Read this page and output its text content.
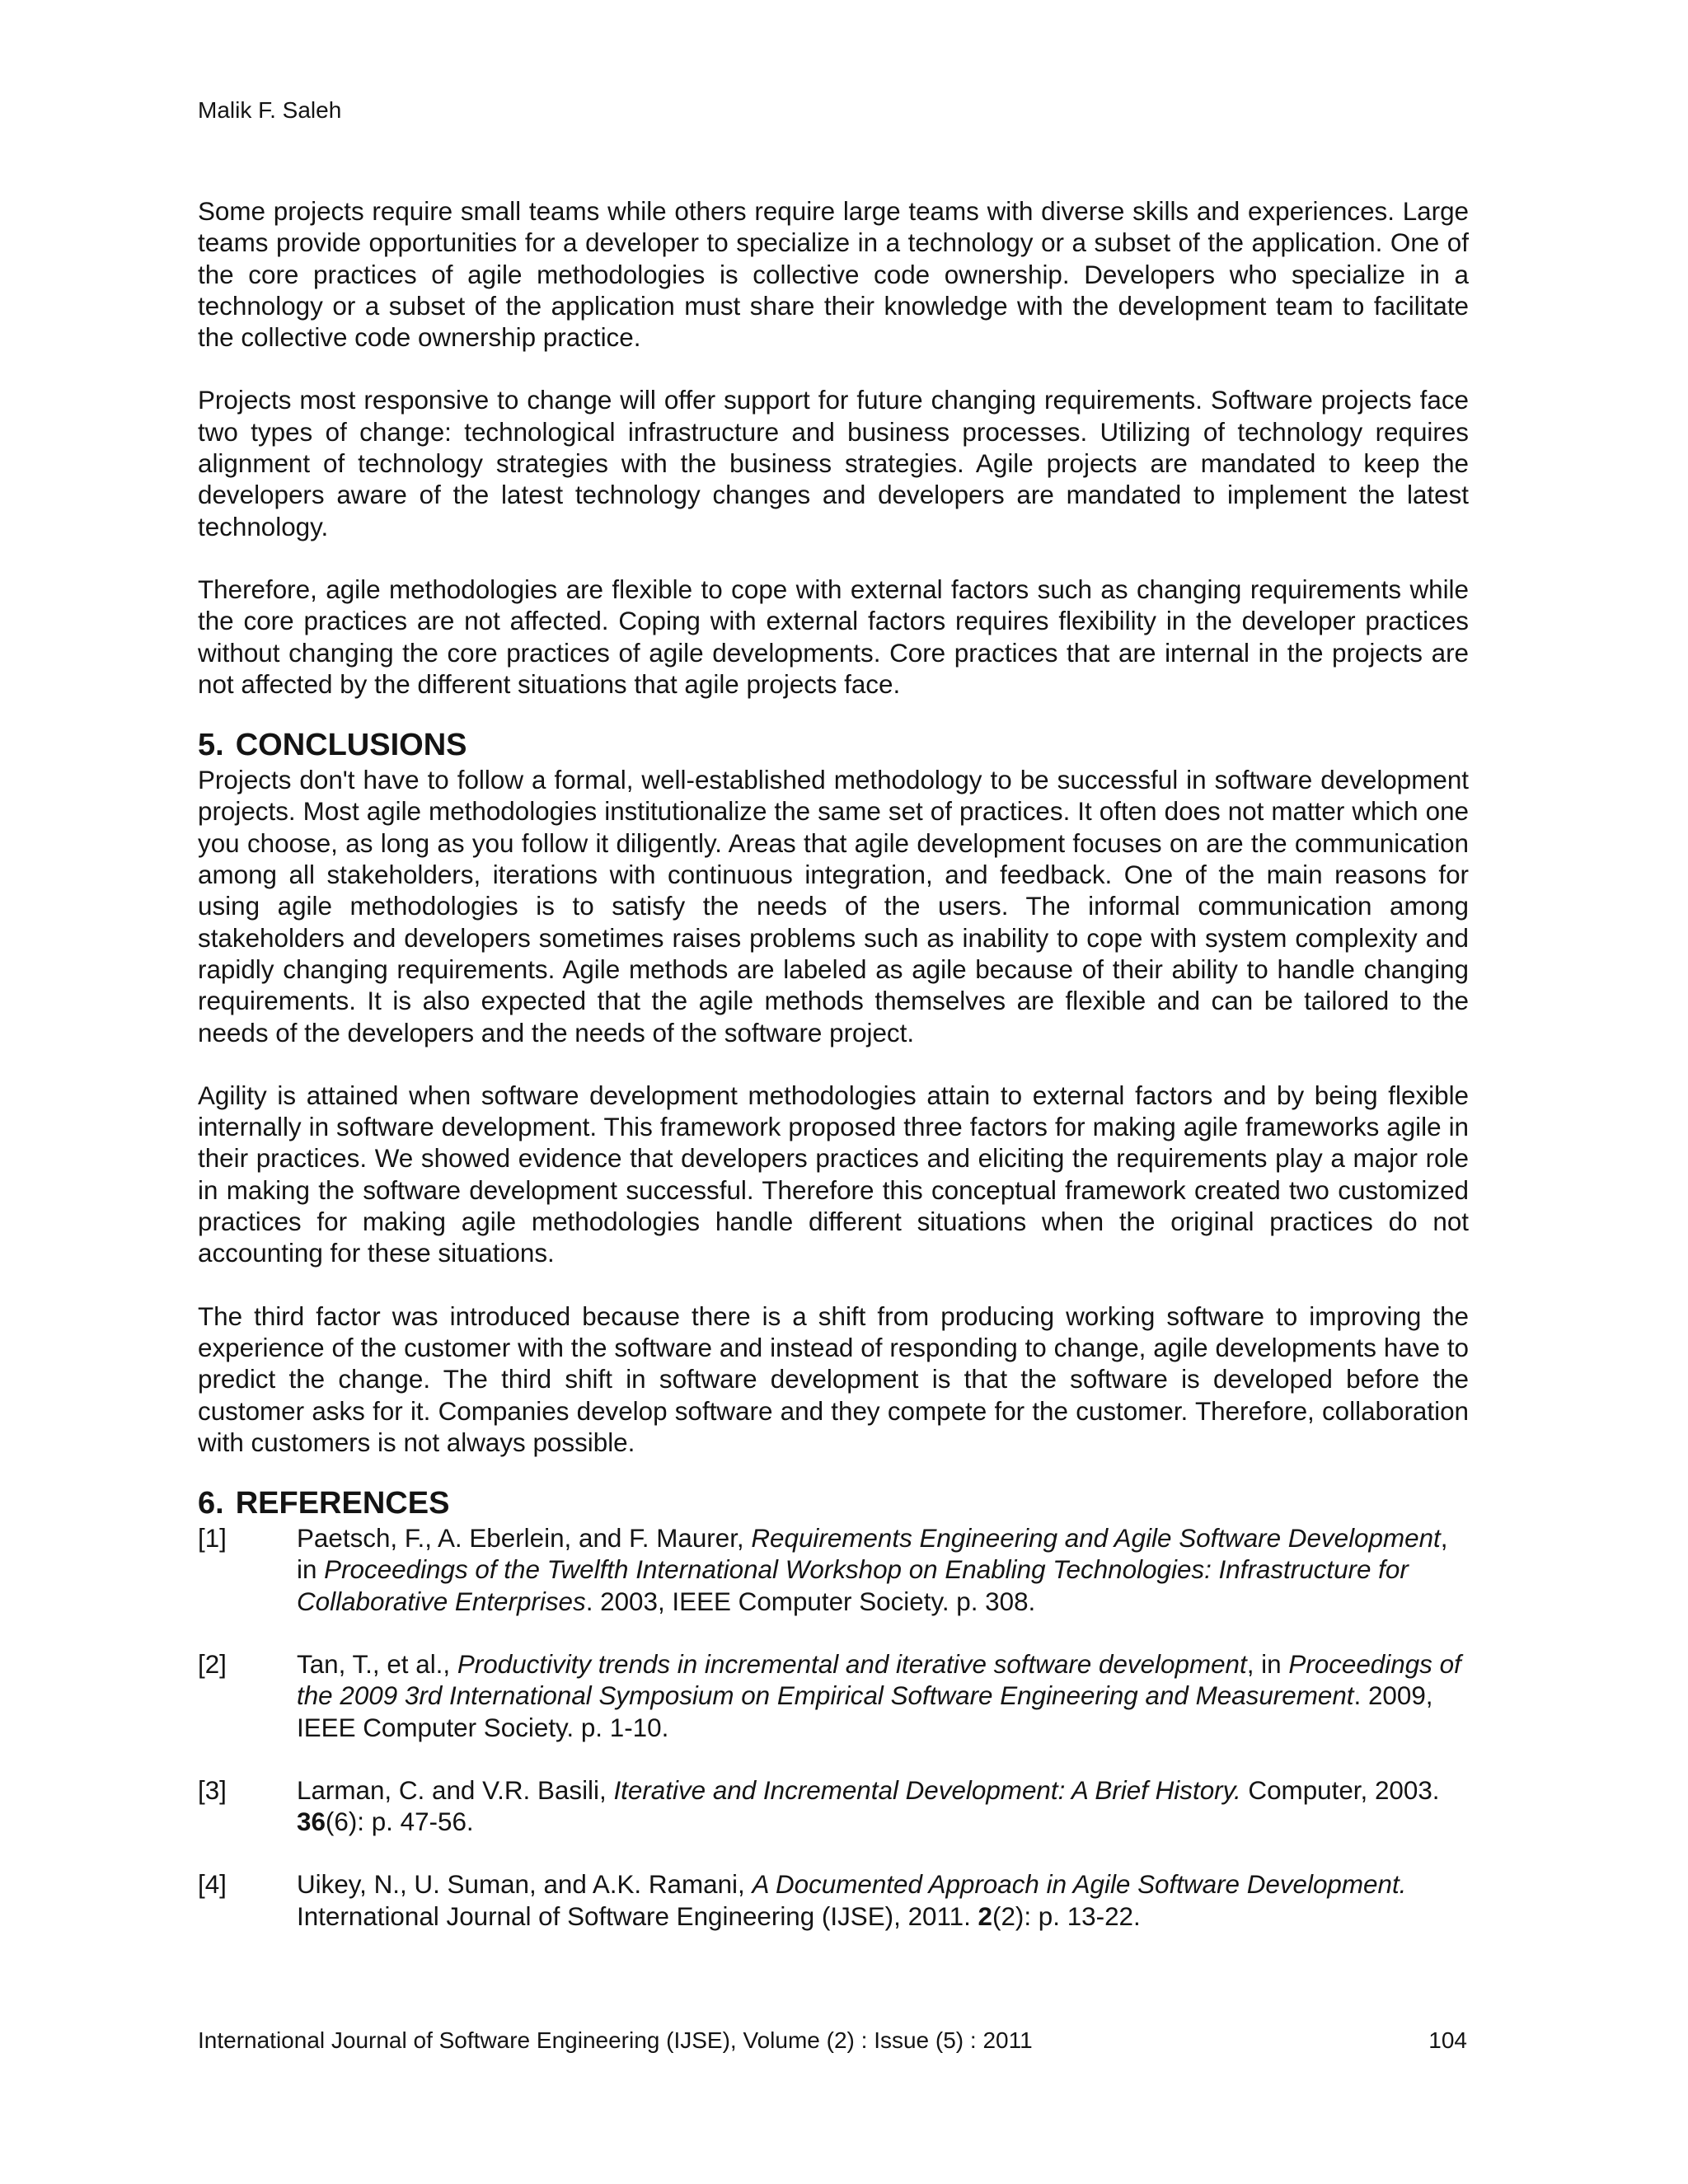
Malik F. Saleh

Some projects require small teams while others require large teams with diverse skills and experiences. Large teams provide opportunities for a developer to specialize in a technology or a subset of the application. One of the core practices of agile methodologies is collective code ownership. Developers who specialize in a technology or a subset of the application must share their knowledge with the development team to facilitate the collective code ownership practice.

Projects most responsive to change will offer support for future changing requirements. Software projects face two types of change: technological infrastructure and business processes. Utilizing of technology requires alignment of technology strategies with the business strategies. Agile projects are mandated to keep the developers aware of the latest technology changes and developers are mandated to implement the latest technology.

Therefore, agile methodologies are flexible to cope with external factors such as changing requirements while the core practices are not affected. Coping with external factors requires flexibility in the developer practices without changing the core practices of agile developments. Core practices that are internal in the projects are not affected by the different situations that agile projects face.

5. CONCLUSIONS

Projects don't have to follow a formal, well-established methodology to be successful in software development projects. Most agile methodologies institutionalize the same set of practices. It often does not matter which one you choose, as long as you follow it diligently. Areas that agile development focuses on are the communication among all stakeholders, iterations with continuous integration, and feedback. One of the main reasons for using agile methodologies is to satisfy the needs of the users. The informal communication among stakeholders and developers sometimes raises problems such as inability to cope with system complexity and rapidly changing requirements. Agile methods are labeled as agile because of their ability to handle changing requirements. It is also expected that the agile methods themselves are flexible and can be tailored to the needs of the developers and the needs of the software project.

Agility is attained when software development methodologies attain to external factors and by being flexible internally in software development. This framework proposed three factors for making agile frameworks agile in their practices. We showed evidence that developers practices and eliciting the requirements play a major role in making the software development successful. Therefore this conceptual framework created two customized practices for making agile methodologies handle different situations when the original practices do not accounting for these situations.

The third factor was introduced because there is a shift from producing working software to improving the experience of the customer with the software and instead of responding to change, agile developments have to predict the change. The third shift in software development is that the software is developed before the customer asks for it. Companies develop software and they compete for the customer. Therefore, collaboration with customers is not always possible.

6. REFERENCES
[1]	Paetsch, F., A. Eberlein, and F. Maurer, Requirements Engineering and Agile Software Development, in Proceedings of the Twelfth International Workshop on Enabling Technologies: Infrastructure for Collaborative Enterprises. 2003, IEEE Computer Society. p. 308.
[2]	Tan, T., et al., Productivity trends in incremental and iterative software development, in Proceedings of the 2009 3rd International Symposium on Empirical Software Engineering and Measurement. 2009, IEEE Computer Society. p. 1-10.
[3]	Larman, C. and V.R. Basili, Iterative and Incremental Development: A Brief History. Computer, 2003. 36(6): p. 47-56.
[4]	Uikey, N., U. Suman, and A.K. Ramani, A Documented Approach in Agile Software Development. International Journal of Software Engineering (IJSE), 2011. 2(2): p. 13-22.
International Journal of Software Engineering (IJSE), Volume (2) : Issue (5) : 2011	104
